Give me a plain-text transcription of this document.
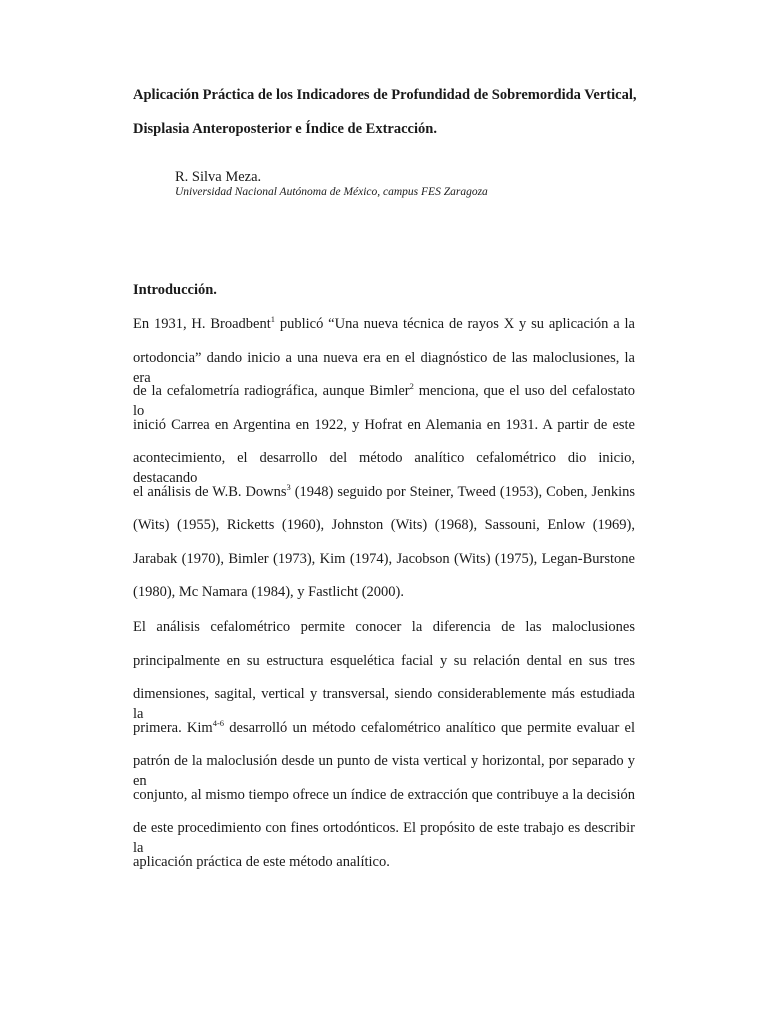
Aplicación Práctica de los Indicadores de Profundidad de Sobremordida Vertical,
Displasia Anteroposterior e Índice de Extracción.
R. Silva Meza.
Universidad Nacional Autónoma de México, campus FES Zaragoza
Introducción.
En 1931, H. Broadbent$^1$ publicó “Una nueva técnica de rayos X y su aplicación a la
ortodoncia” dando inicio a una nueva era en el diagnóstico de las maloclusiones, la era
de la cefalometría radiográfica, aunque Bimler$^2$ menciona, que el uso del cefalostato lo
inició Carrea en Argentina en 1922, y Hofrat en Alemania en 1931. A partir de este
acontecimiento, el desarrollo del método analítico cefalométrico dio inicio, destacando
el análisis de W.B. Downs$^3$ (1948) seguido por Steiner, Tweed (1953), Coben, Jenkins
(Wits) (1955), Ricketts (1960), Johnston (Wits) (1968), Sassouni, Enlow (1969),
Jarabak (1970), Bimler (1973), Kim (1974), Jacobson (Wits) (1975), Legan-Burstone
(1980), Mc Namara (1984), y Fastlicht (2000).
El análisis cefalométrico permite conocer la diferencia de las maloclusiones
principalmente en su estructura esquelética facial y su relación dental en sus tres
dimensiones, sagital, vertical y transversal, siendo considerablemente más estudiada la
primera. Kim$^{4-6}$ desarrolló un método cefalométrico analítico que permite evaluar el
patrón de la maloclusión desde un punto de vista vertical y horizontal, por separado y en
conjunto, al mismo tiempo ofrece un índice de extracción que contribuye a la decisión
de este procedimiento con fines ortodónticos. El propósito de este trabajo es describir la
aplicación práctica de este método analítico.
